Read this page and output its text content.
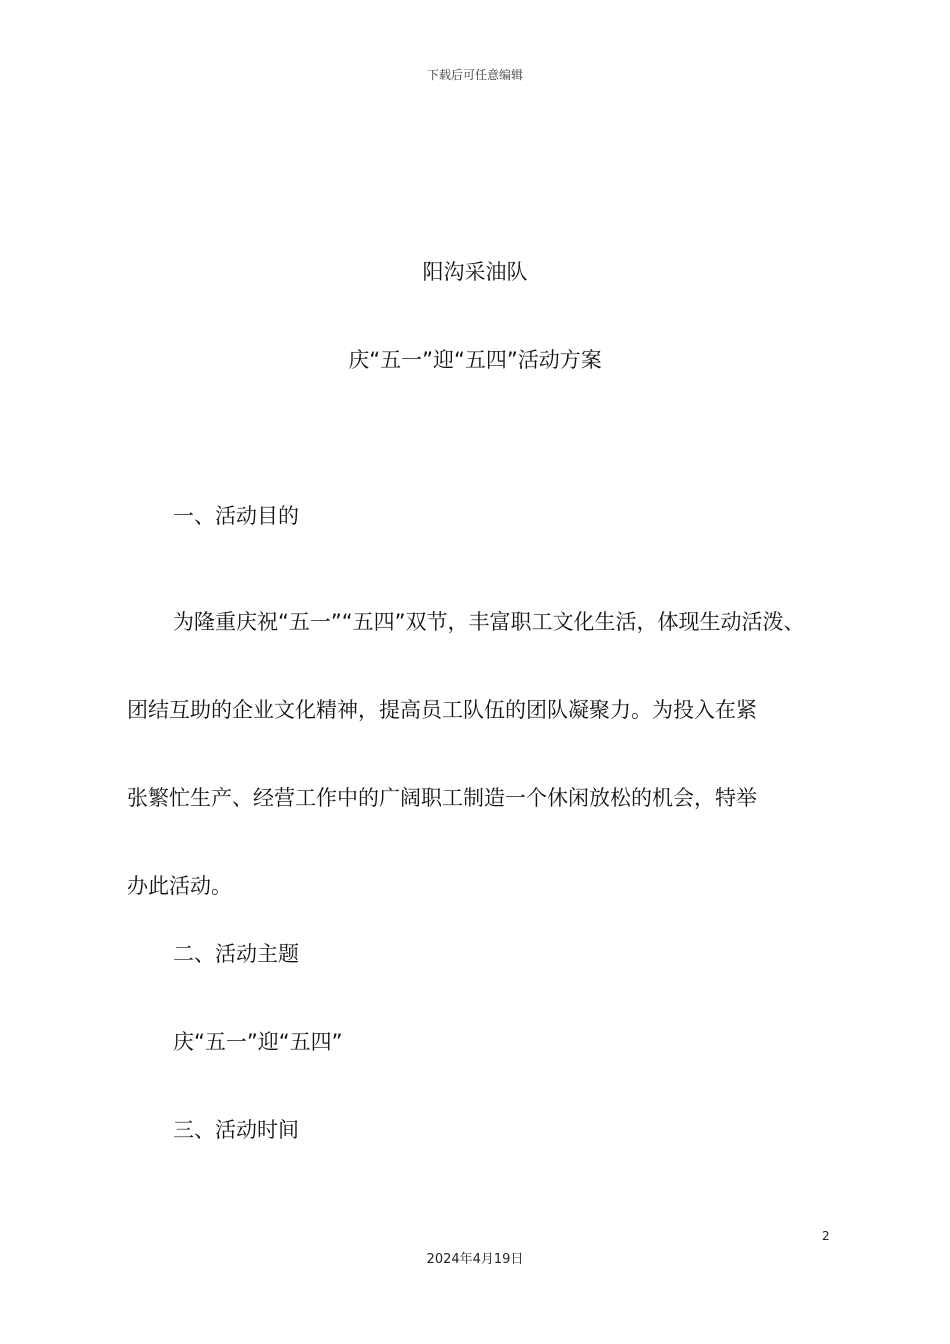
下载后可任意编辑
阳沟采油队
庆“五一”迎“五四”活动方案
一、活动目的
为隆重庆祝“五一”“五四”双节，丰富职工文化生活，体现生动活泼、
团结互助的企业文化精神，提高员工队伍的团队凝聚力。为投入在紧
张繁忙生产、经营工作中的广阔职工制造一个休闲放松的机会，特举
办此活动。
二、活动主题
庆“五一”迎“五四”
三、活动时间
2
2024年4月19日
